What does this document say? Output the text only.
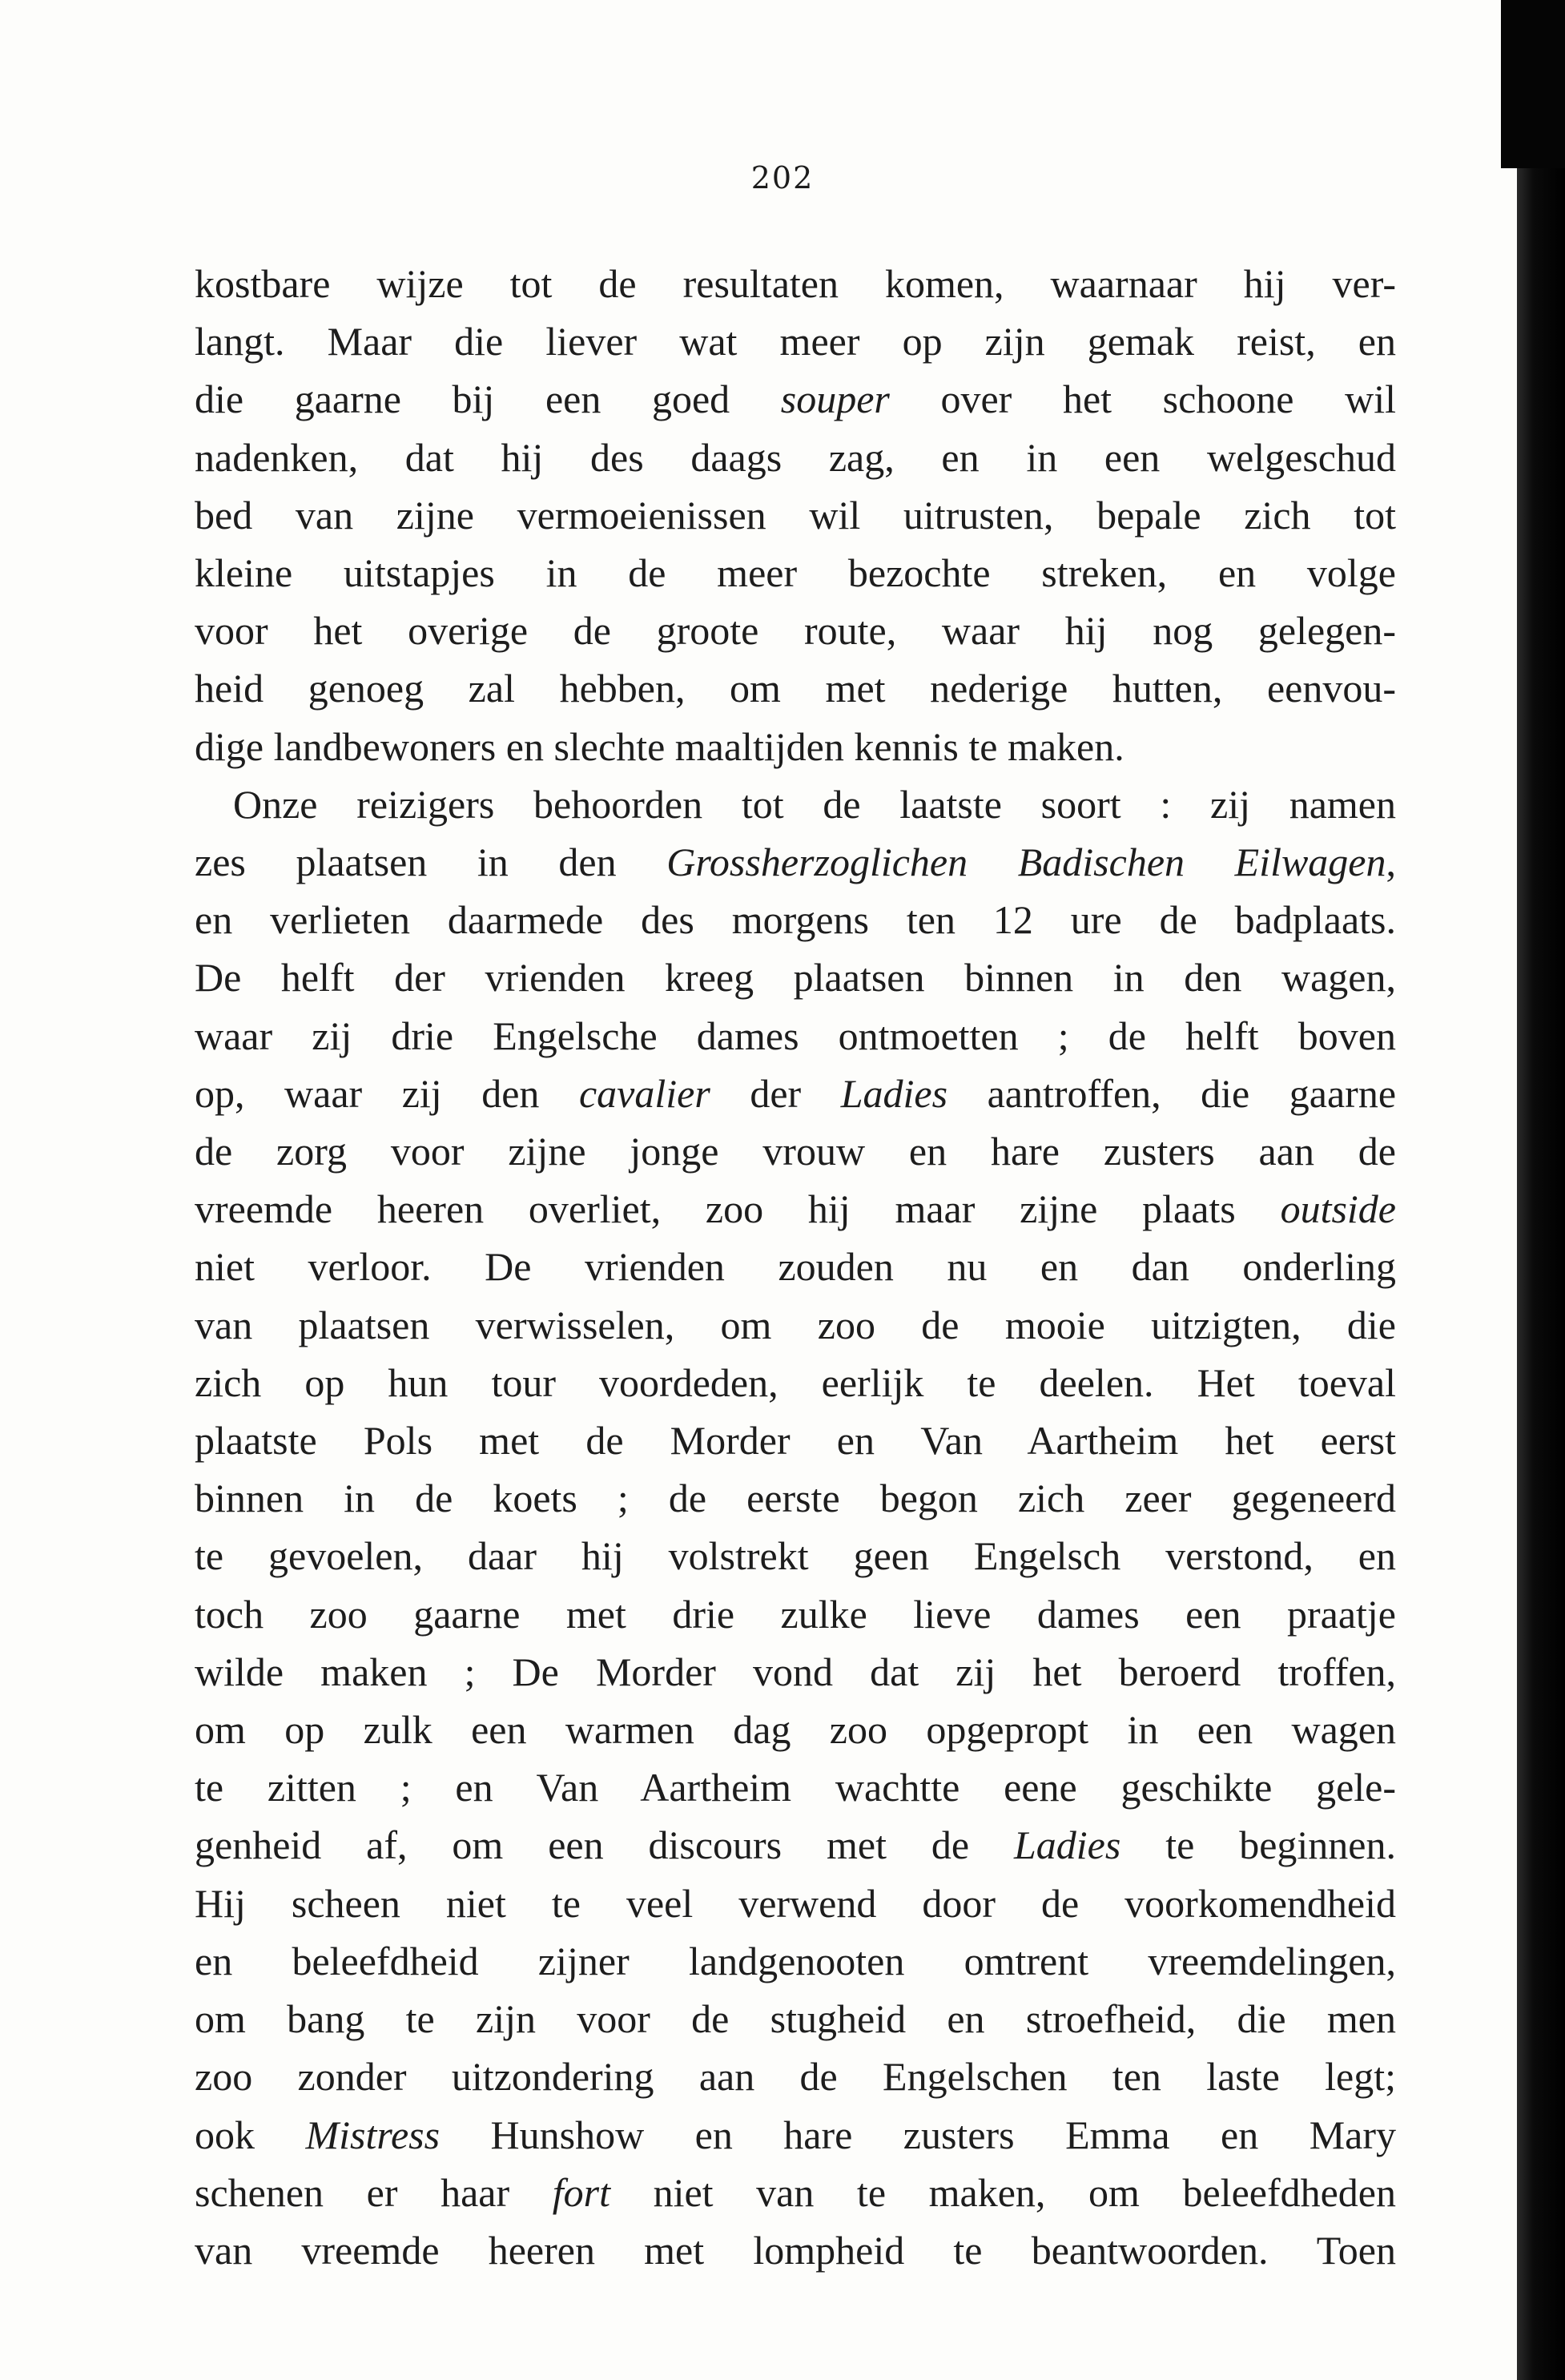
202
kostbare wijze tot de resultaten komen, waarnaar hij ver-
langt. Maar die liever wat meer op zijn gemak reist, en
die gaarne bij een goed souper over het schoone wil
nadenken, dat hij des daags zag, en in een welgeschud
bed van zijne vermoeienissen wil uitrusten, bepale zich tot
kleine uitstapjes in de meer bezochte streken, en volge
voor het overige de groote route, waar hij nog gelegen-
heid genoeg zal hebben, om met nederige hutten, eenvou-
dige landbewoners en slechte maaltijden kennis te maken.
Onze reizigers behoorden tot de laatste soort : zij namen
zes plaatsen in den Grossherzoglichen Badischen Eilwagen,
en verlieten daarmede des morgens ten 12 ure de badplaats.
De helft der vrienden kreeg plaatsen binnen in den wagen,
waar zij drie Engelsche dames ontmoetten ; de helft boven
op, waar zij den cavalier der Ladies aantroffen, die gaarne
de zorg voor zijne jonge vrouw en hare zusters aan de
vreemde heeren overliet, zoo hij maar zijne plaats outside
niet verloor. De vrienden zouden nu en dan onderling
van plaatsen verwisselen, om zoo de mooie uitzigten, die
zich op hun tour voordeden, eerlijk te deelen. Het toeval
plaatste Pols met de Morder en Van Aartheim het eerst
binnen in de koets ; de eerste begon zich zeer gegeneerd
te gevoelen, daar hij volstrekt geen Engelsch verstond, en
toch zoo gaarne met drie zulke lieve dames een praatje
wilde maken ; De Morder vond dat zij het beroerd troffen,
om op zulk een warmen dag zoo opgepropt in een wagen
te zitten ; en Van Aartheim wachtte eene geschikte gele-
genheid af, om een discours met de Ladies te beginnen.
Hij scheen niet te veel verwend door de voorkomendheid
en beleefdheid zijner landgenooten omtrent vreemdelingen,
om bang te zijn voor de stugheid en stroefheid, die men
zoo zonder uitzondering aan de Engelschen ten laste legt;
ook Mistress Hunshow en hare zusters Emma en Mary
schenen er haar fort niet van te maken, om beleefdheden
van vreemde heeren met lompheid te beantwoorden. Toen
